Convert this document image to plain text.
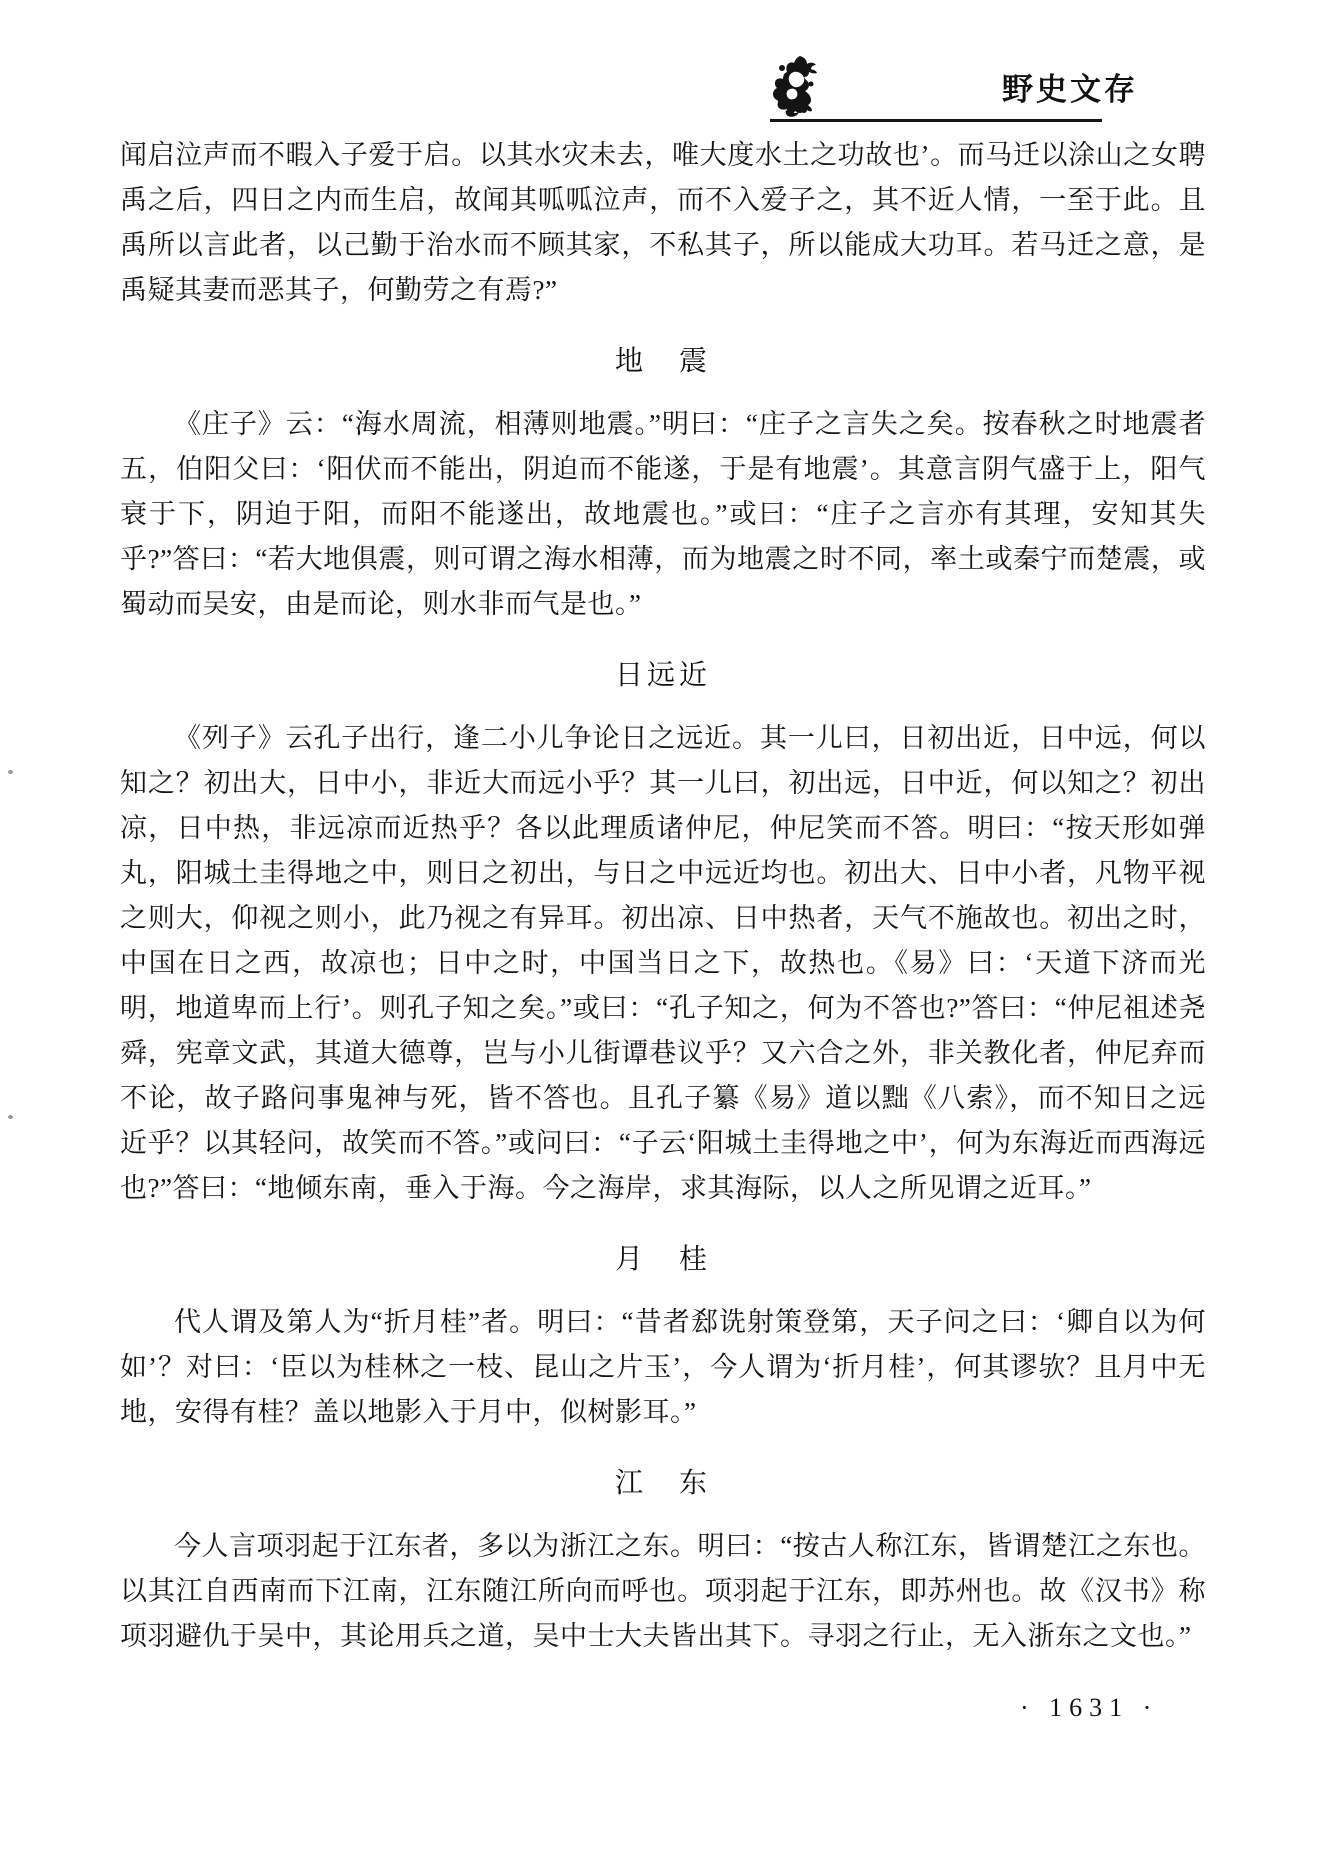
野史文存

闻启泣声而不暇入子爱于启。以其水灾未去，唯大度水土之功故也’。而马迁以涂山之女聘禹之后，四日之内而生启，故闻其呱呱泣声，而不入爱子之，其不近人情，一至于此。且禹所以言此者，以己勤于治水而不顾其家，不私其子，所以能成大功耳。若马迁之意，是禹疑其妻而恶其子，何勤劳之有焉?”

地　震

《庄子》云：“海水周流，相薄则地震。”明曰：“庄子之言失之矣。按春秋之时地震者五，伯阳父曰：‘阳伏而不能出，阴迫而不能遂，于是有地震’。其意言阴气盛于上，阳气衰于下，阴迫于阳，而阳不能遂出，故地震也。”或曰：“庄子之言亦有其理，安知其失乎?”答曰：“若大地俱震，则可谓之海水相薄，而为地震之时不同，率土或秦宁而楚震，或蜀动而吴安，由是而论，则水非而气是也。”

日远近

《列子》云孔子出行，逢二小儿争论日之远近。其一儿曰，日初出近，日中远，何以知之？初出大，日中小，非近大而远小乎？其一儿曰，初出远，日中近，何以知之？初出凉，日中热，非远凉而近热乎？各以此理质诸仲尼，仲尼笑而不答。明曰：“按天形如弹丸，阳城土圭得地之中，则日之初出，与日之中远近均也。初出大、日中小者，凡物平视之则大，仰视之则小，此乃视之有异耳。初出凉、日中热者，天气不施故也。初出之时，中国在日之西，故凉也；日中之时，中国当日之下，故热也。《易》曰：‘天道下济而光明，地道卑而上行’。则孔子知之矣。”或曰：“孔子知之，何为不答也?”答曰：“仲尼祖述尧舜，宪章文武，其道大德尊，岂与小儿街谭巷议乎？又六合之外，非关教化者，仲尼弃而不论，故子路问事鬼神与死，皆不答也。且孔子纂《易》道以黜《八索》，而不知日之远近乎？以其轻问，故笑而不答。”或问曰：“子云‘阳城土圭得地之中’，何为东海近而西海远也?”答曰：“地倾东南，垂入于海。今之海岸，求其海际，以人之所见谓之近耳。”

月　桂

代人谓及第人为“折月桂”者。明曰：“昔者郄诜射策登第，天子问之曰：‘卿自以为何如’？对曰：‘臣以为桂林之一枝、昆山之片玉’，今人谓为‘折月桂’，何其谬欤？且月中无地，安得有桂？盖以地影入于月中，似树影耳。”

江　东

今人言项羽起于江东者，多以为浙江之东。明曰：“按古人称江东，皆谓楚江之东也。以其江自西南而下江南，江东随江所向而呼也。项羽起于江东，即苏州也。故《汉书》称项羽避仇于吴中，其论用兵之道，吴中士大夫皆出其下。寻羽之行止，无入浙东之文也。”

· 1631 ·
